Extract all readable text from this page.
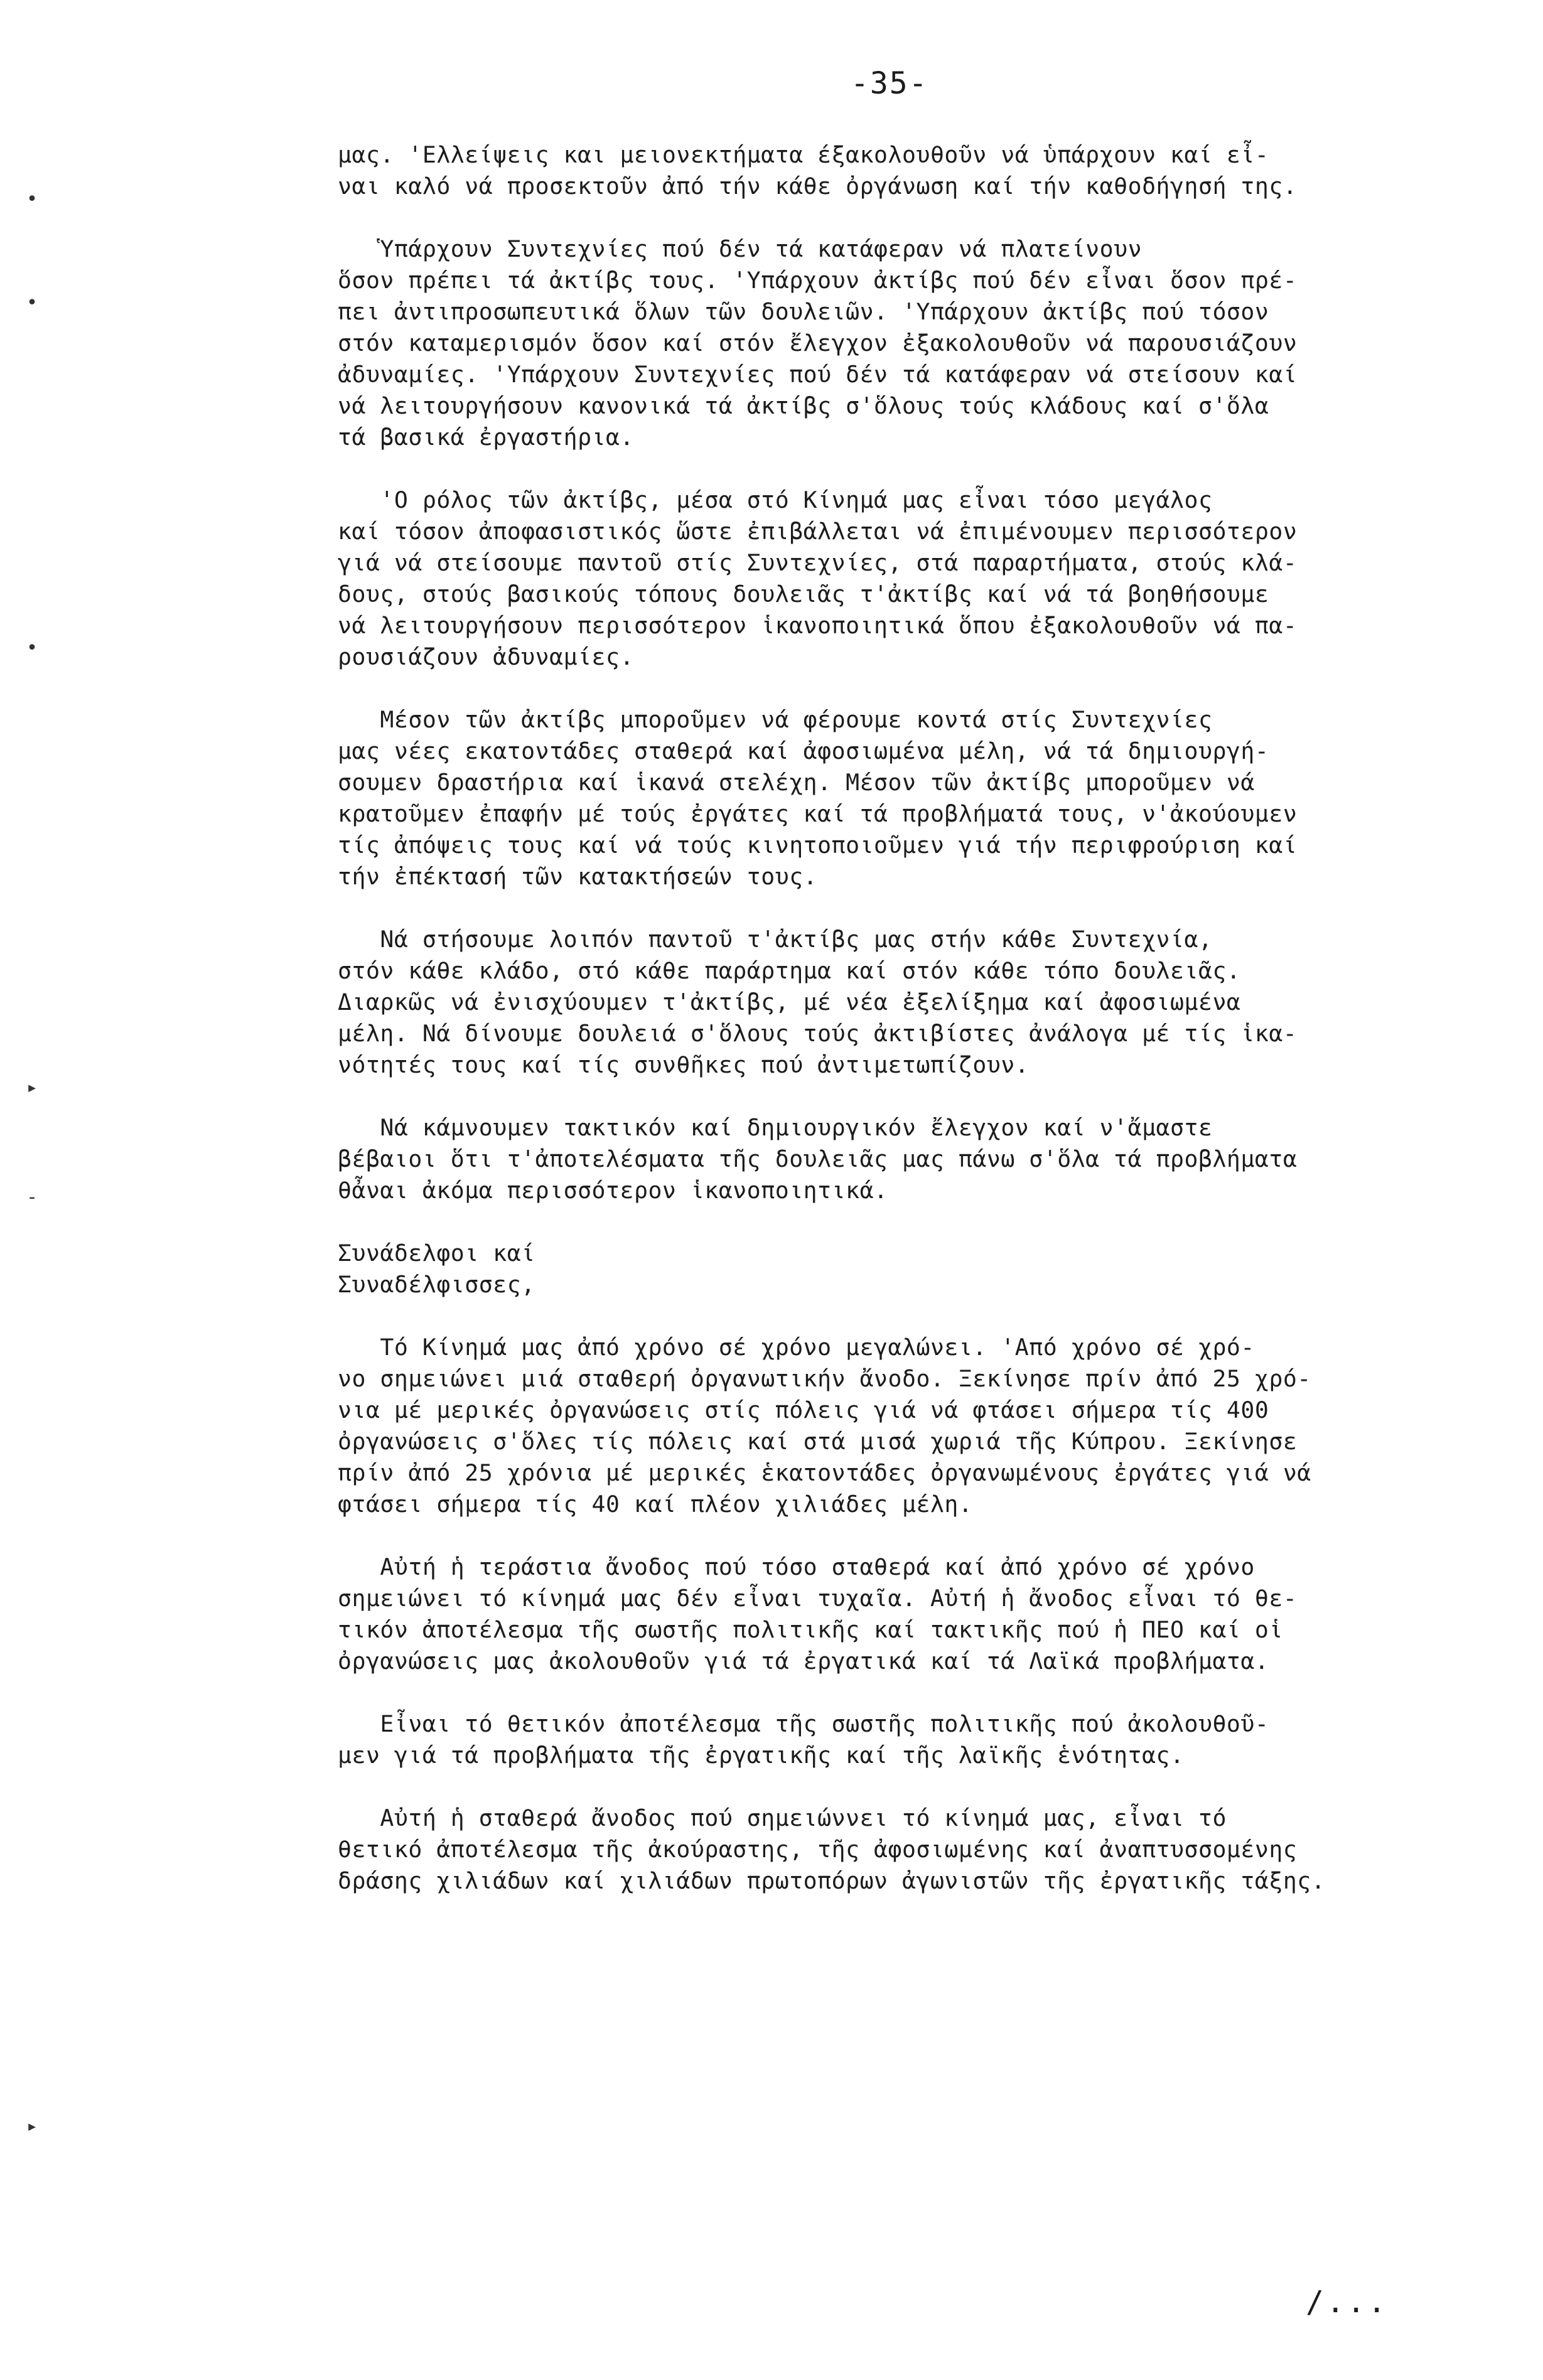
-35-
μας. 'Ελλείψεις και μειονεκτήματα έξακολουθοῦν νά ὑπάρχουν καί εἶ-
ναι καλό νά προσεκτοῦν ἀπό τήν κάθε ὀργάνωση καί τήν καθοδήγησή της.
Ὑπάρχουν Συντεχνίες πού δέν τά κατάφεραν νά πλατείνουν
ὅσον πρέπει τά ἀκτίβς τους. 'Υπάρχουν ἀκτίβς πού δέν εἶναι ὅσον πρέ-
πει ἀντιπροσωπευτικά ὅλων τῶν δουλειῶν. 'Υπάρχουν ἀκτίβς πού τόσον
στόν καταμερισμόν ὅσον καί στόν ἔλεγχον ἐξακολουθοῦν νά παρουσιάζουν
ἀδυναμίες. 'Υπάρχουν Συντεχνίες πού δέν τά κατάφεραν νά στείσουν καί
νά λειτουργήσουν κανονικά τά ἀκτίβς σ'ὅλους τούς κλάδους καί σ'ὅλα
τά βασικά ἐργαστήρια.
'Ο ρόλος τῶν ἀκτίβς, μέσα στό Κίνημά μας εἶναι τόσο μεγάλος
καί τόσον ἀποφασιστικός ὥστε ἐπιβάλλεται νά ἐπιμένουμεν περισσότερον
γιά νά στείσουμε παντοῦ στίς Συντεχνίες, στά παραρτήματα, στούς κλά-
δους, στούς βασικούς τόπους δουλειᾶς τ'ἀκτίβς καί νά τά βοηθήσουμε
νά λειτουργήσουν περισσότερον ἱκανοποιητικά ὅπου ἐξακολουθοῦν νά πα-
ρουσιάζουν ἀδυναμίες.
Μέσον τῶν ἀκτίβς μποροῦμεν νά φέρουμε κοντά στίς Συντεχνίες
μας νέες εκατοντάδες σταθερά καί ἀφοσιωμένα μέλη, νά τά δημιουργή-
σουμεν δραστήρια καί ἱκανά στελέχη. Μέσον τῶν ἀκτίβς μποροῦμεν νά
κρατοῦμεν ἐπαφήν μέ τούς ἐργάτες καί τά προβλήματά τους, ν'ἀκούουμεν
τίς ἀπόψεις τους καί νά τούς κινητοποιοῦμεν γιά τήν περιφρούριση καί
τήν ἐπέκτασή τῶν κατακτήσεών τους.
Νά στήσουμε λοιπόν παντοῦ τ'ἀκτίβς μας στήν κάθε Συντεχνία,
στόν κάθε κλάδο, στό κάθε παράρτημα καί στόν κάθε τόπο δουλειᾶς.
Διαρκῶς νά ἐνισχύουμεν τ'ἀκτίβς, μέ νέα ἐξελίξημα καί ἀφοσιωμένα
μέλη. Νά δίνουμε δουλειά σ'ὅλους τούς ἀκτιβίστες ἀνάλογα μέ τίς ἱκα-
νότητές τους καί τίς συνθῆκες πού ἀντιμετωπίζουν.
Νά κάμνουμεν τακτικόν καί δημιουργικόν ἔλεγχον καί ν'ἄμαστε
βέβαιοι ὅτι τ'ἀποτελέσματα τῆς δουλειᾶς μας πάνω σ'ὅλα τά προβλήματα
θἆναι ἀκόμα περισσότερον ἱκανοποιητικά.
Συνάδελφοι καί
Συναδέλφισσες,
Τό Κίνημά μας ἀπό χρόνο σέ χρόνο μεγαλώνει. 'Από χρόνο σέ χρό-
νο σημειώνει μιά σταθερή ὀργανωτικήν ἄνοδο. Ξεκίνησε πρίν ἀπό 25 χρό-
νια μέ μερικές ὀργανώσεις στίς πόλεις γιά νά φτάσει σήμερα τίς 400
ὀργανώσεις σ'ὅλες τίς πόλεις καί στά μισά χωριά τῆς Κύπρου. Ξεκίνησε
πρίν ἀπό 25 χρόνια μέ μερικές ἑκατοντάδες ὀργανωμένους ἐργάτες γιά νά
φτάσει σήμερα τίς 40 καί πλέον χιλιάδες μέλη.
Αὐτή ἡ τεράστια ἄνοδος πού τόσο σταθερά καί ἀπό χρόνο σέ χρόνο
σημειώνει τό κίνημά μας δέν εἶναι τυχαῖα. Αὐτή ἡ ἄνοδος εἶναι τό θε-
τικόν ἀποτέλεσμα τῆς σωστῆς πολιτικῆς καί τακτικῆς πού ἡ ΠΕΟ καί οἱ
ὀργανώσεις μας ἀκολουθοῦν γιά τά ἐργατικά καί τά Λαϊκά προβλήματα.
Εἶναι τό θετικόν ἀποτέλεσμα τῆς σωστῆς πολιτικῆς πού ἀκολουθοῦ-
μεν γιά τά προβλήματα τῆς ἐργατικῆς καί τῆς λαϊκῆς ἑνότητας.
Αὐτή ἡ σταθερά ἄνοδος πού σημειώννει τό κίνημά μας, εἶναι τό
θετικό ἀποτέλεσμα τῆς ἀκούραστης, τῆς ἀφοσιωμένης καί ἀναπτυσσομένης
δράσης χιλιάδων καί χιλιάδων πρωτοπόρων ἀγωνιστῶν τῆς ἐργατικῆς τάξης.
•
•
•
▸
-
▸
/...
